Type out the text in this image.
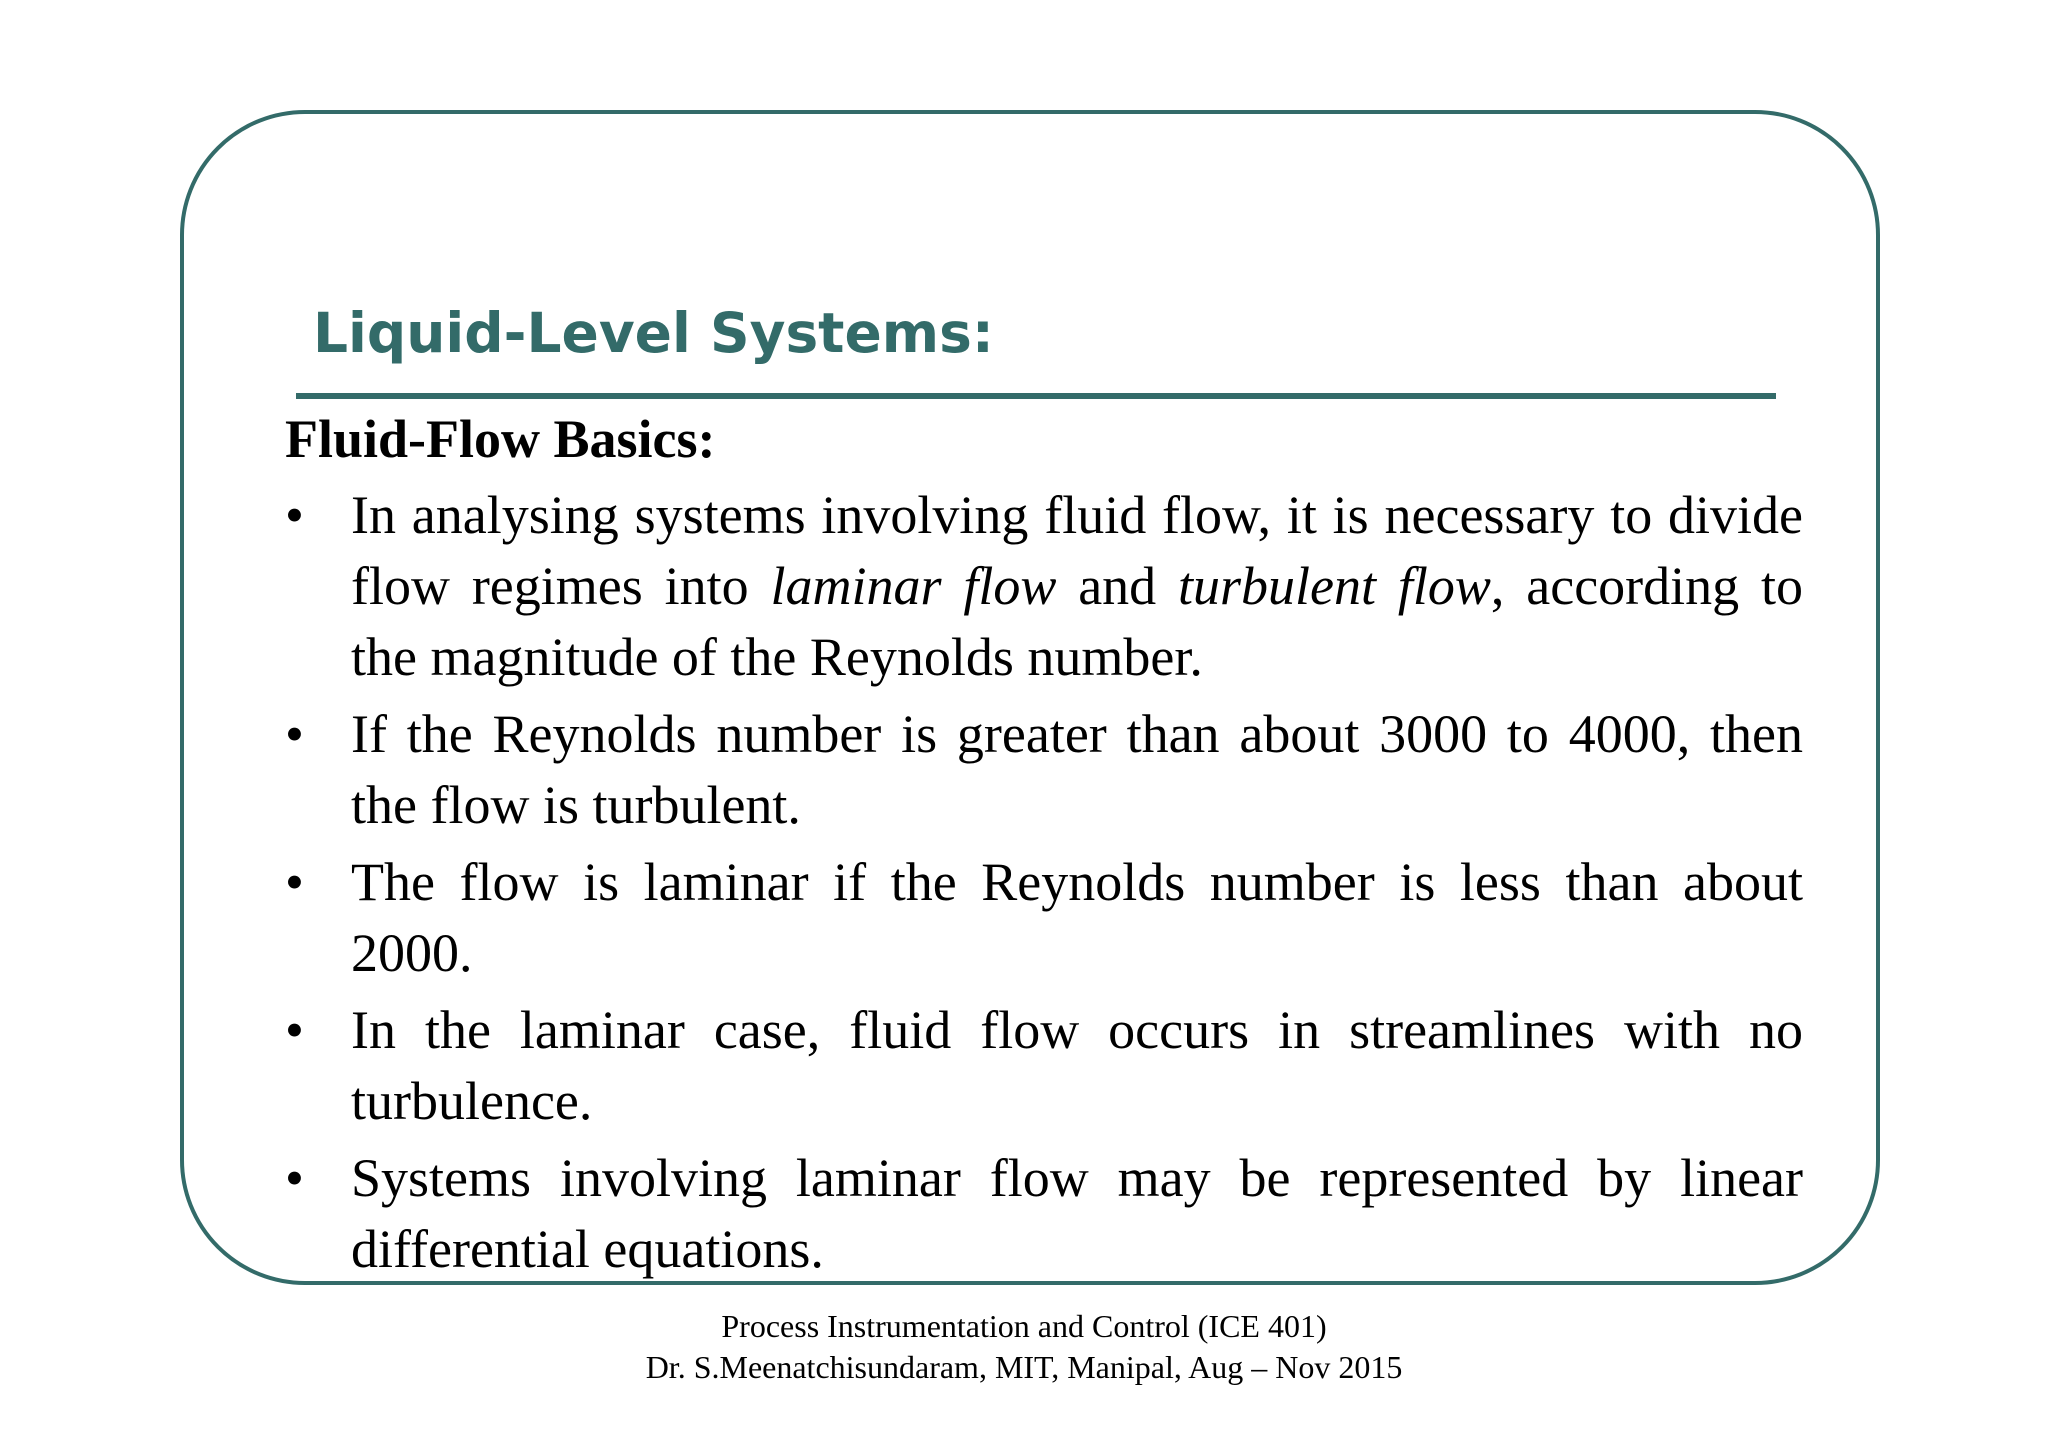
Liquid-Level Systems:
Fluid-Flow Basics:
• In analysing systems involving fluid flow, it is necessary to divide flow regimes into laminar flow and turbulent flow, according to the magnitude of the Reynolds number.
• If the Reynolds number is greater than about 3000 to 4000, then the flow is turbulent.
• The flow is laminar if the Reynolds number is less than about 2000.
• In the laminar case, fluid flow occurs in streamlines with no turbulence.
• Systems involving laminar flow may be represented by linear differential equations.
Process Instrumentation and Control (ICE 401)
Dr. S.Meenatchisundaram, MIT, Manipal, Aug – Nov 2015
